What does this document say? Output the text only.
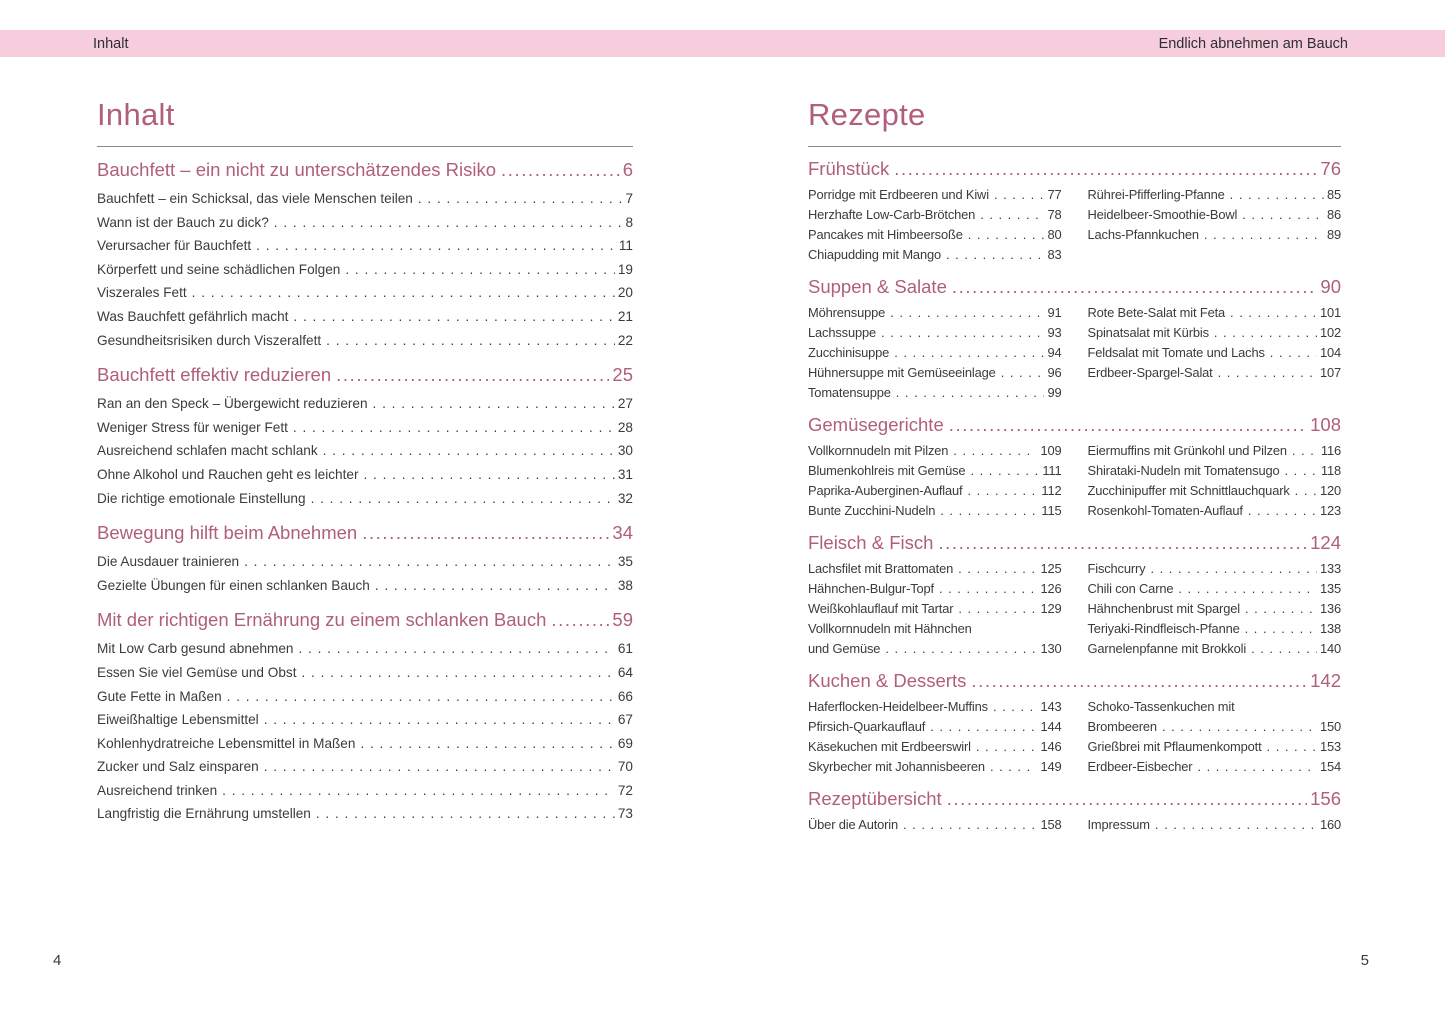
Inhalt	Endlich abnehmen am Bauch
Inhalt
Bauchfett – ein nicht zu unterschätzendes Risiko .....	6
Bauchfett – ein Schicksal, das viele Menschen teilen . . .	7
Wann ist der Bauch zu dick? . . .	8
Verursacher für Bauchfett . . .	11
Körperfett und seine schädlichen Folgen . . .	19
Viszerales Fett . . .	20
Was Bauchfett gefährlich macht . . .	21
Gesundheitsrisiken durch Viszeralfett . . .	22
Bauchfett effektiv reduzieren .....	25
Ran an den Speck – Übergewicht reduzieren . . .	27
Weniger Stress für weniger Fett . . .	28
Ausreichend schlafen macht schlank . . .	30
Ohne Alkohol und Rauchen geht es leichter . . .	31
Die richtige emotionale Einstellung . . .	32
Bewegung hilft beim Abnehmen .....	34
Die Ausdauer trainieren . . .	35
Gezielte Übungen für einen schlanken Bauch . . .	38
Mit der richtigen Ernährung zu einem schlanken Bauch .....	59
Mit Low Carb gesund abnehmen . . .	61
Essen Sie viel Gemüse und Obst . . .	64
Gute Fette in Maßen . . .	66
Eiweißhaltige Lebensmittel . . .	67
Kohlenhydratreiche Lebensmittel in Maßen . . .	69
Zucker und Salz einsparen . . .	70
Ausreichend trinken . . .	72
Langfristig die Ernährung umstellen . . .	73
Rezepte
Frühstück .....	76
Porridge mit Erdbeeren und Kiwi . . .	77
Herzhafte Low-Carb-Brötchen . . .	78
Pancakes mit Himbeersoße . . .	80
Chiapudding mit Mango . . .	83
Rührei-Pfifferling-Pfanne . . .	85
Heidelbeer-Smoothie-Bowl . . .	86
Lachs-Pfannkuchen . . .	89
Suppen & Salate .....	90
Möhrensuppe . . .	91
Lachssuppe . . .	93
Zucchinisuppe . . .	94
Hühnersuppe mit Gemüseeinlage . . .	96
Tomatensuppe . . .	99
Rote Bete-Salat mit Feta . . .	101
Spinatsalat mit Kürbis . . .	102
Feldsalat mit Tomate und Lachs . . .	104
Erdbeer-Spargel-Salat . . .	107
Gemüsegerichte .....	108
Vollkornnudeln mit Pilzen . . .	109
Blumenkohlreis mit Gemüse . . .	111
Paprika-Auberginen-Auflauf . . .	112
Bunte Zucchini-Nudeln . . .	115
Eiermuffins mit Grünkohl und Pilzen . . .	116
Shirataki-Nudeln mit Tomatensugo . . .	118
Zucchinipuffer mit Schnittlauchquark . . . 120
Rosenkohl-Tomaten-Auflauf . . .	123
Fleisch & Fisch .....	124
Lachsfilet mit Brattomaten . . .	125
Hähnchen-Bulgur-Topf . . .	126
Weißkohlauflauf mit Tartar . . .	129
Vollkornnudeln mit Hähnchen
und Gemüse . . .	130
Fischcurry . . .	133
Chili con Carne . . .	135
Hähnchenbrust mit Spargel . . .	136
Teriyaki-Rindfleisch-Pfanne . . .	138
Garnelenpfanne mit Brokkoli . . .	140
Kuchen & Desserts .....	142
Haferflocken-Heidelbeer-Muffins . . .	143
Pfirsich-Quarkauflauf . . .	144
Käsekuchen mit Erdbeerswirl . . .	146
Skyrbecher mit Johannisbeeren . . .	149
Schoko-Tassenkuchen mit
Brombeeren . . .	150
Grießbrei mit Pflaumenkompott . . .	153
Erdbeer-Eisbecher . . .	154
Rezeptübersicht .....	156
Über die Autorin . . .	158 Impressum . . .	160
4	5
